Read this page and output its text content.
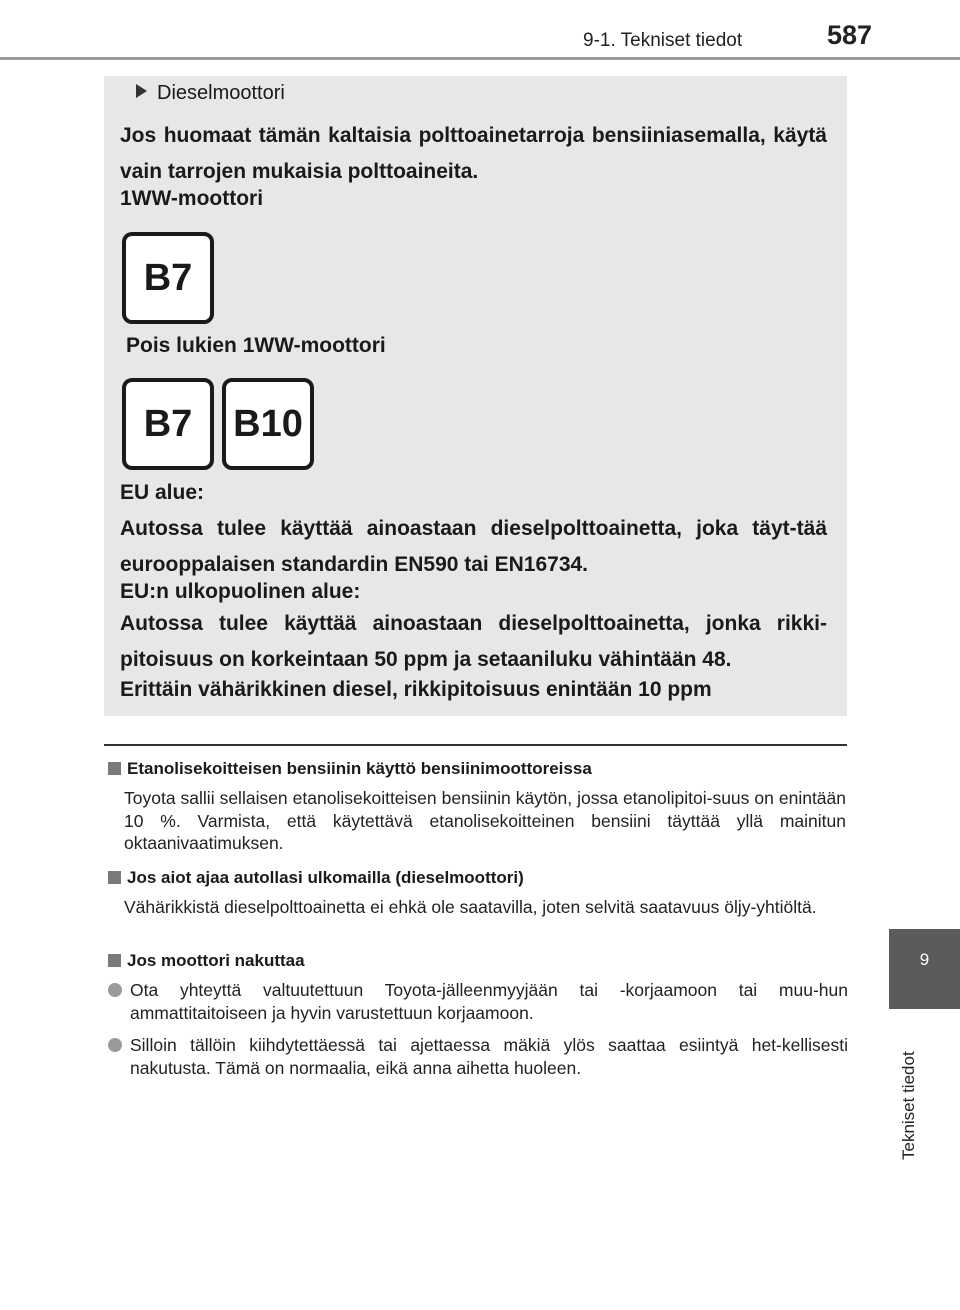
9-1. Tekniset tiedot	587
9
Tekniset tiedot
Dieselmoottori
Jos huomaat tämän kaltaisia polttoainetarroja bensiiniasemalla, käytä vain tarrojen mukaisia polttoaineita.
1WW-moottori
B7
Pois lukien 1WW-moottori
B7	B10
EU alue:
Autossa tulee käyttää ainoastaan dieselpolttoainetta, joka täyt-tää eurooppalaisen standardin EN590 tai EN16734.
EU:n ulkopuolinen alue:
Autossa tulee käyttää ainoastaan dieselpolttoainetta, jonka rikki-pitoisuus on korkeintaan 50 ppm ja setaaniluku vähintään 48.
Erittäin vähärikkinen diesel, rikkipitoisuus enintään 10 ppm
Etanolisekoitteisen bensiinin käyttö bensiinimoottoreissa
Toyota sallii sellaisen etanolisekoitteisen bensiinin käytön, jossa etanolipitoi-suus on enintään 10 %. Varmista, että käytettävä etanolisekoitteinen bensiini täyttää yllä mainitun oktaanivaatimuksen.
Jos aiot ajaa autollasi ulkomailla (dieselmoottori)
Vähärikkistä dieselpolttoainetta ei ehkä ole saatavilla, joten selvitä saatavuus öljy-yhtiöltä.
Jos moottori nakuttaa
Ota yhteyttä valtuutettuun Toyota-jälleenmyyjään tai -korjaamoon tai muu-hun ammattitaitoiseen ja hyvin varustettuun korjaamoon.
Silloin tällöin kiihdytettäessä tai ajettaessa mäkiä ylös saattaa esiintyä het-kellisesti nakutusta. Tämä on normaalia, eikä anna aihetta huoleen.
